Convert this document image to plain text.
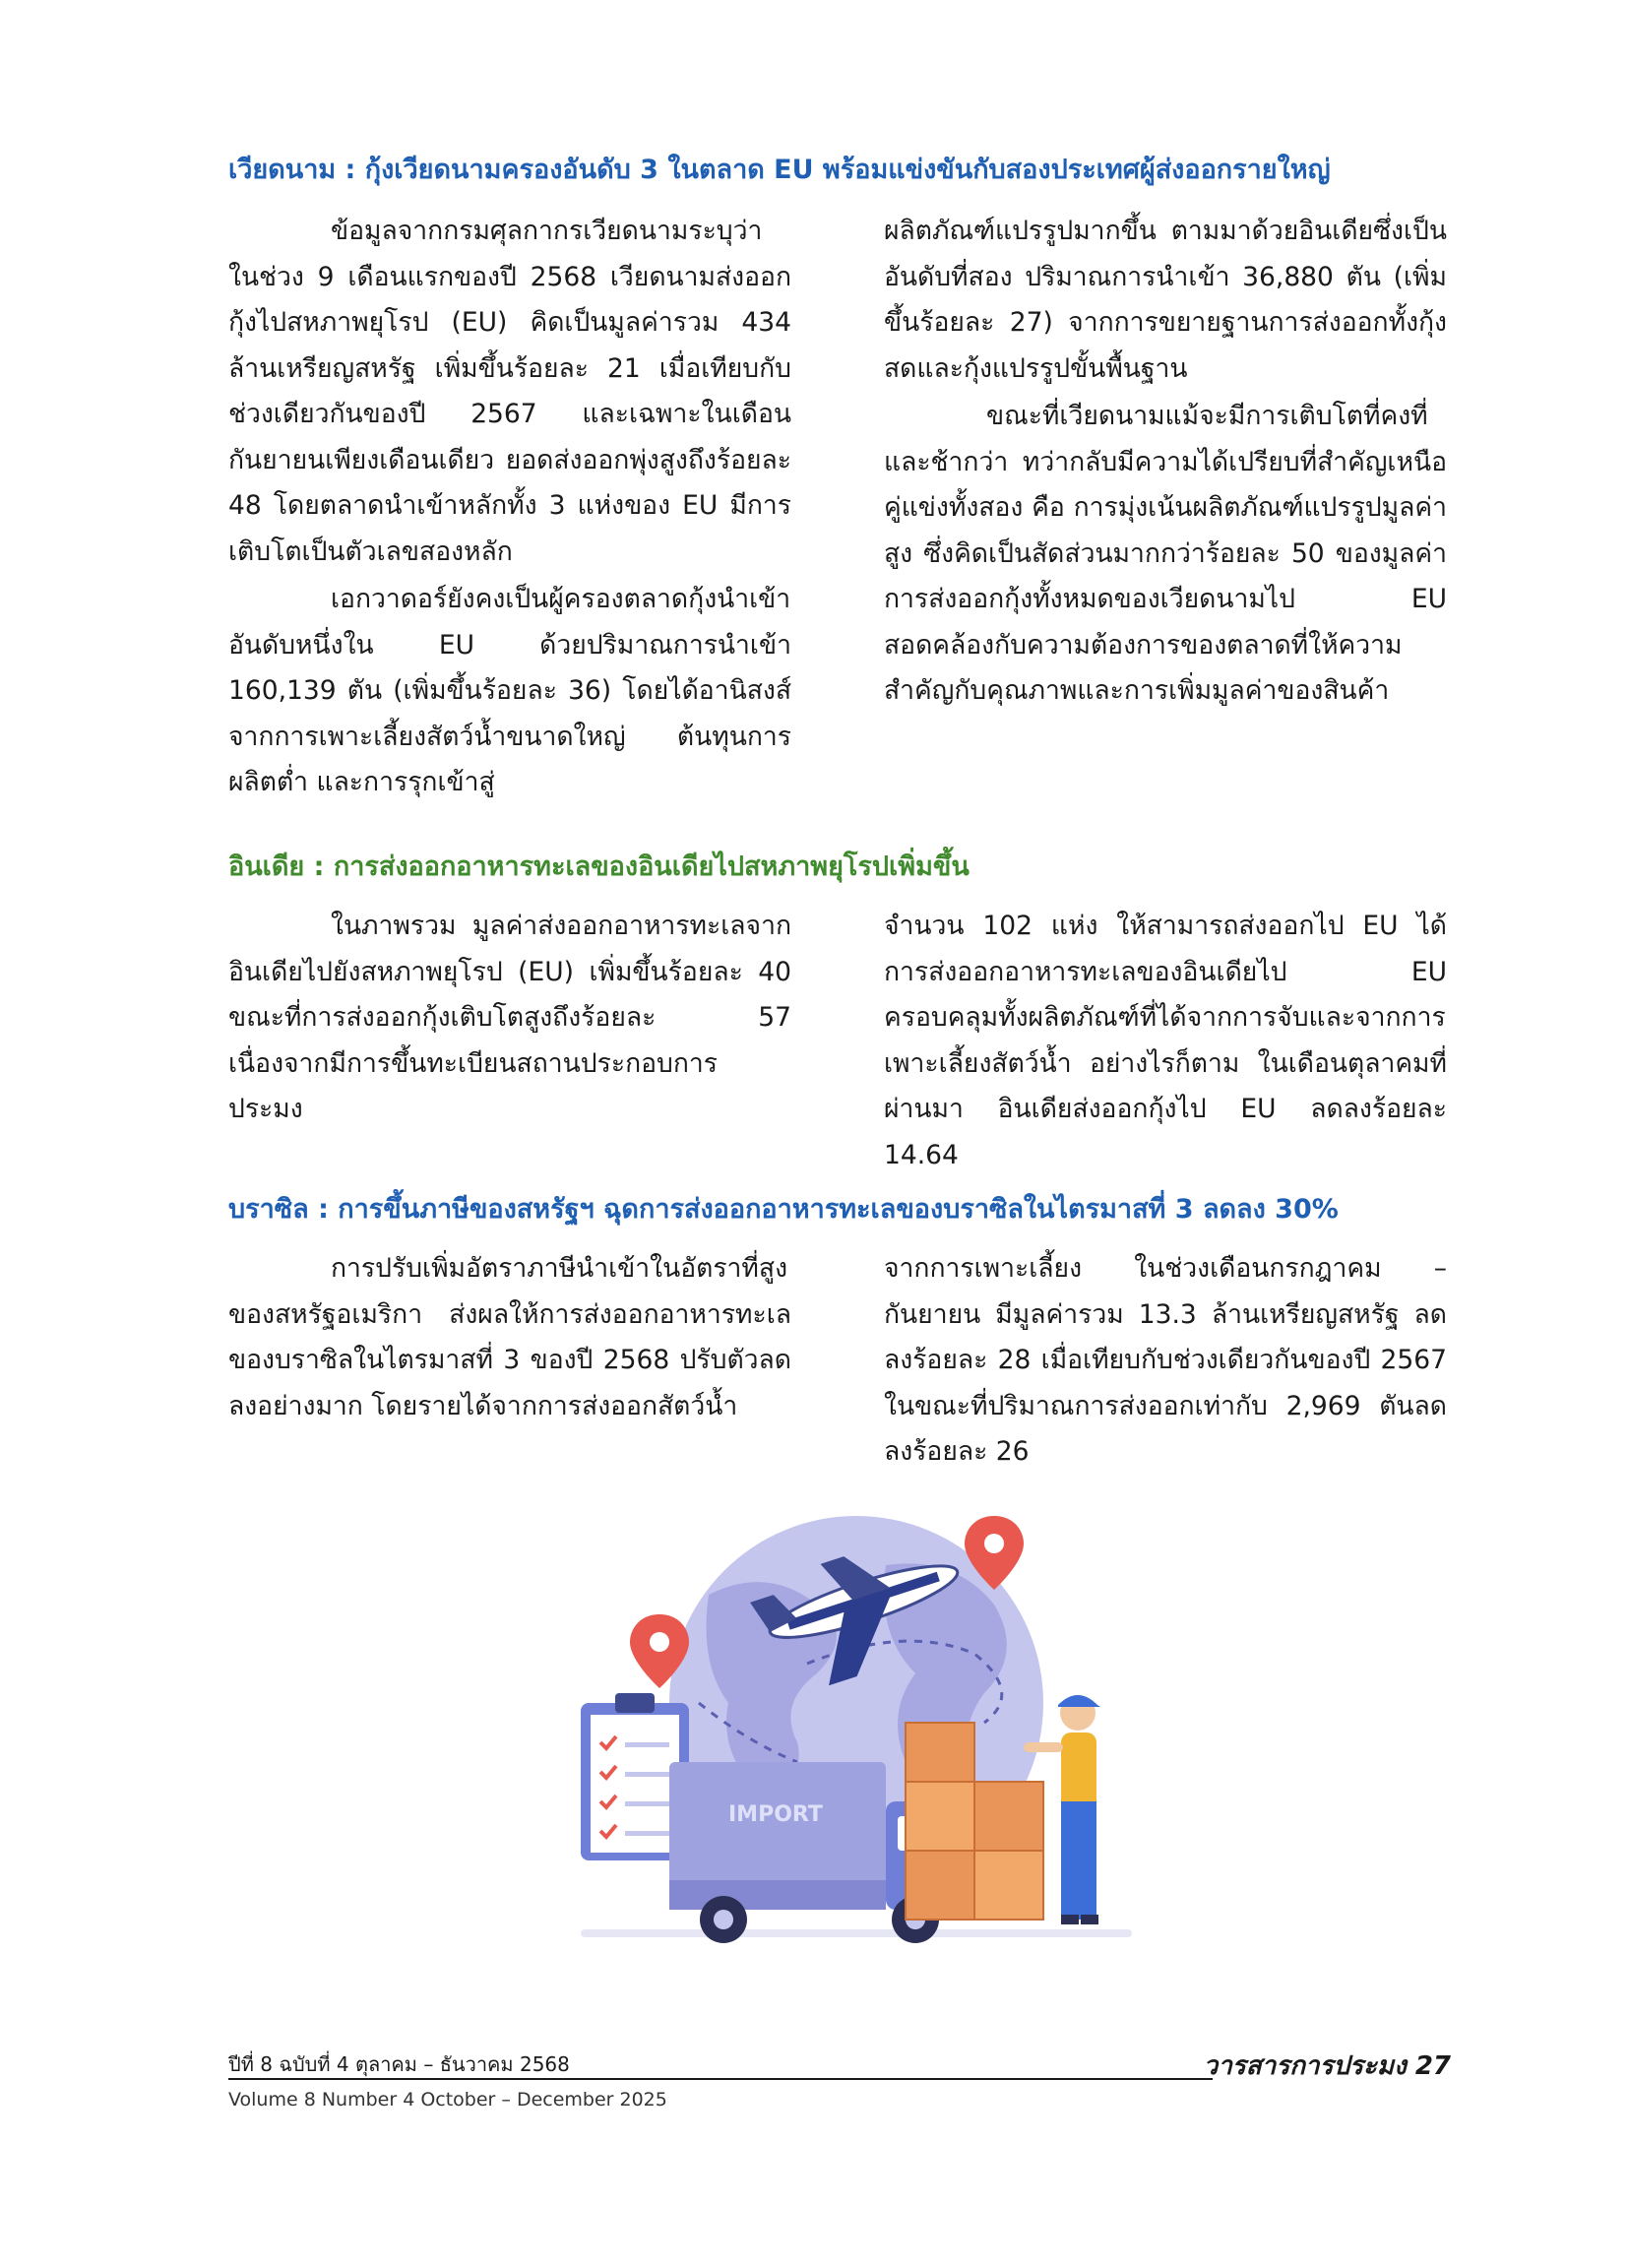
เวียดนาม : กุ้งเวียดนามครองอันดับ 3 ในตลาด EU พร้อมแข่งขันกับสองประเทศผู้ส่งออกรายใหญ่

ข้อมูลจากกรมศุลกากรเวียดนามระบุว่า ในช่วง 9 เดือนแรกของปี 2568 เวียดนามส่งออกกุ้งไปสหภาพยุโรป (EU) คิดเป็นมูลค่ารวม 434 ล้านเหรียญสหรัฐ เพิ่มขึ้นร้อยละ 21 เมื่อเทียบกับช่วงเดียวกันของปี 2567 และเฉพาะในเดือนกันยายนเพียงเดือนเดียว ยอดส่งออกพุ่งสูงถึงร้อยละ 48 โดยตลาดนำเข้าหลักทั้ง 3 แห่งของ EU มีการเติบโตเป็นตัวเลขสองหลัก

เอกวาดอร์ยังคงเป็นผู้ครองตลาดกุ้งนำเข้าอันดับหนึ่งใน EU ด้วยปริมาณการนำเข้า 160,139 ตัน (เพิ่มขึ้นร้อยละ 36) โดยได้อานิสงส์จากการเพาะเลี้ยงสัตว์น้ำขนาดใหญ่ ต้นทุนการผลิตต่ำ และการรุกเข้าสู่

ผลิตภัณฑ์แปรรูปมากขึ้น ตามมาด้วยอินเดียซึ่งเป็นอันดับที่สอง ปริมาณการนำเข้า 36,880 ตัน (เพิ่มขึ้นร้อยละ 27) จากการขยายฐานการส่งออกทั้งกุ้งสดและกุ้งแปรรูปขั้นพื้นฐาน

ขณะที่เวียดนามแม้จะมีการเติบโตที่คงที่และช้ากว่า ทว่ากลับมีความได้เปรียบที่สำคัญเหนือคู่แข่งทั้งสอง คือ การมุ่งเน้นผลิตภัณฑ์แปรรูปมูลค่าสูง ซึ่งคิดเป็นสัดส่วนมากกว่าร้อยละ 50 ของมูลค่าการส่งออกกุ้งทั้งหมดของเวียดนามไป EU สอดคล้องกับความต้องการของตลาดที่ให้ความสำคัญกับคุณภาพและการเพิ่มมูลค่าของสินค้า

อินเดีย : การส่งออกอาหารทะเลของอินเดียไปสหภาพยุโรปเพิ่มขึ้น

ในภาพรวม มูลค่าส่งออกอาหารทะเลจากอินเดียไปยังสหภาพยุโรป (EU) เพิ่มขึ้นร้อยละ 40 ขณะที่การส่งออกกุ้งเติบโตสูงถึงร้อยละ 57 เนื่องจากมีการขึ้นทะเบียนสถานประกอบการประมง

จำนวน 102 แห่ง ให้สามารถส่งออกไป EU ได้ การส่งออกอาหารทะเลของอินเดียไป EU ครอบคลุมทั้งผลิตภัณฑ์ที่ได้จากการจับและจากการเพาะเลี้ยงสัตว์น้ำ อย่างไรก็ตาม ในเดือนตุลาคมที่ผ่านมา อินเดียส่งออกกุ้งไป EU ลดลงร้อยละ 14.64

บราซิล : การขึ้นภาษีของสหรัฐฯ ฉุดการส่งออกอาหารทะเลของบราซิลในไตรมาสที่ 3 ลดลง 30%

การปรับเพิ่มอัตราภาษีนำเข้าในอัตราที่สูงของสหรัฐอเมริกา ส่งผลให้การส่งออกอาหารทะเลของบราซิลในไตรมาสที่ 3 ของปี 2568 ปรับตัวลดลงอย่างมาก โดยรายได้จากการส่งออกสัตว์น้ำ

จากการเพาะเลี้ยง ในช่วงเดือนกรกฎาคม – กันยายน มีมูลค่ารวม 13.3 ล้านเหรียญสหรัฐ ลดลงร้อยละ 28 เมื่อเทียบกับช่วงเดียวกันของปี 2567 ในขณะที่ปริมาณการส่งออกเท่ากับ 2,969 ตันลดลงร้อยละ 26

IMPORT
ปีที่ 8 ฉบับที่ 4 ตุลาคม – ธันวาคม 2568
Volume 8 Number 4 October – December 2025
วารสารการประมง 27
